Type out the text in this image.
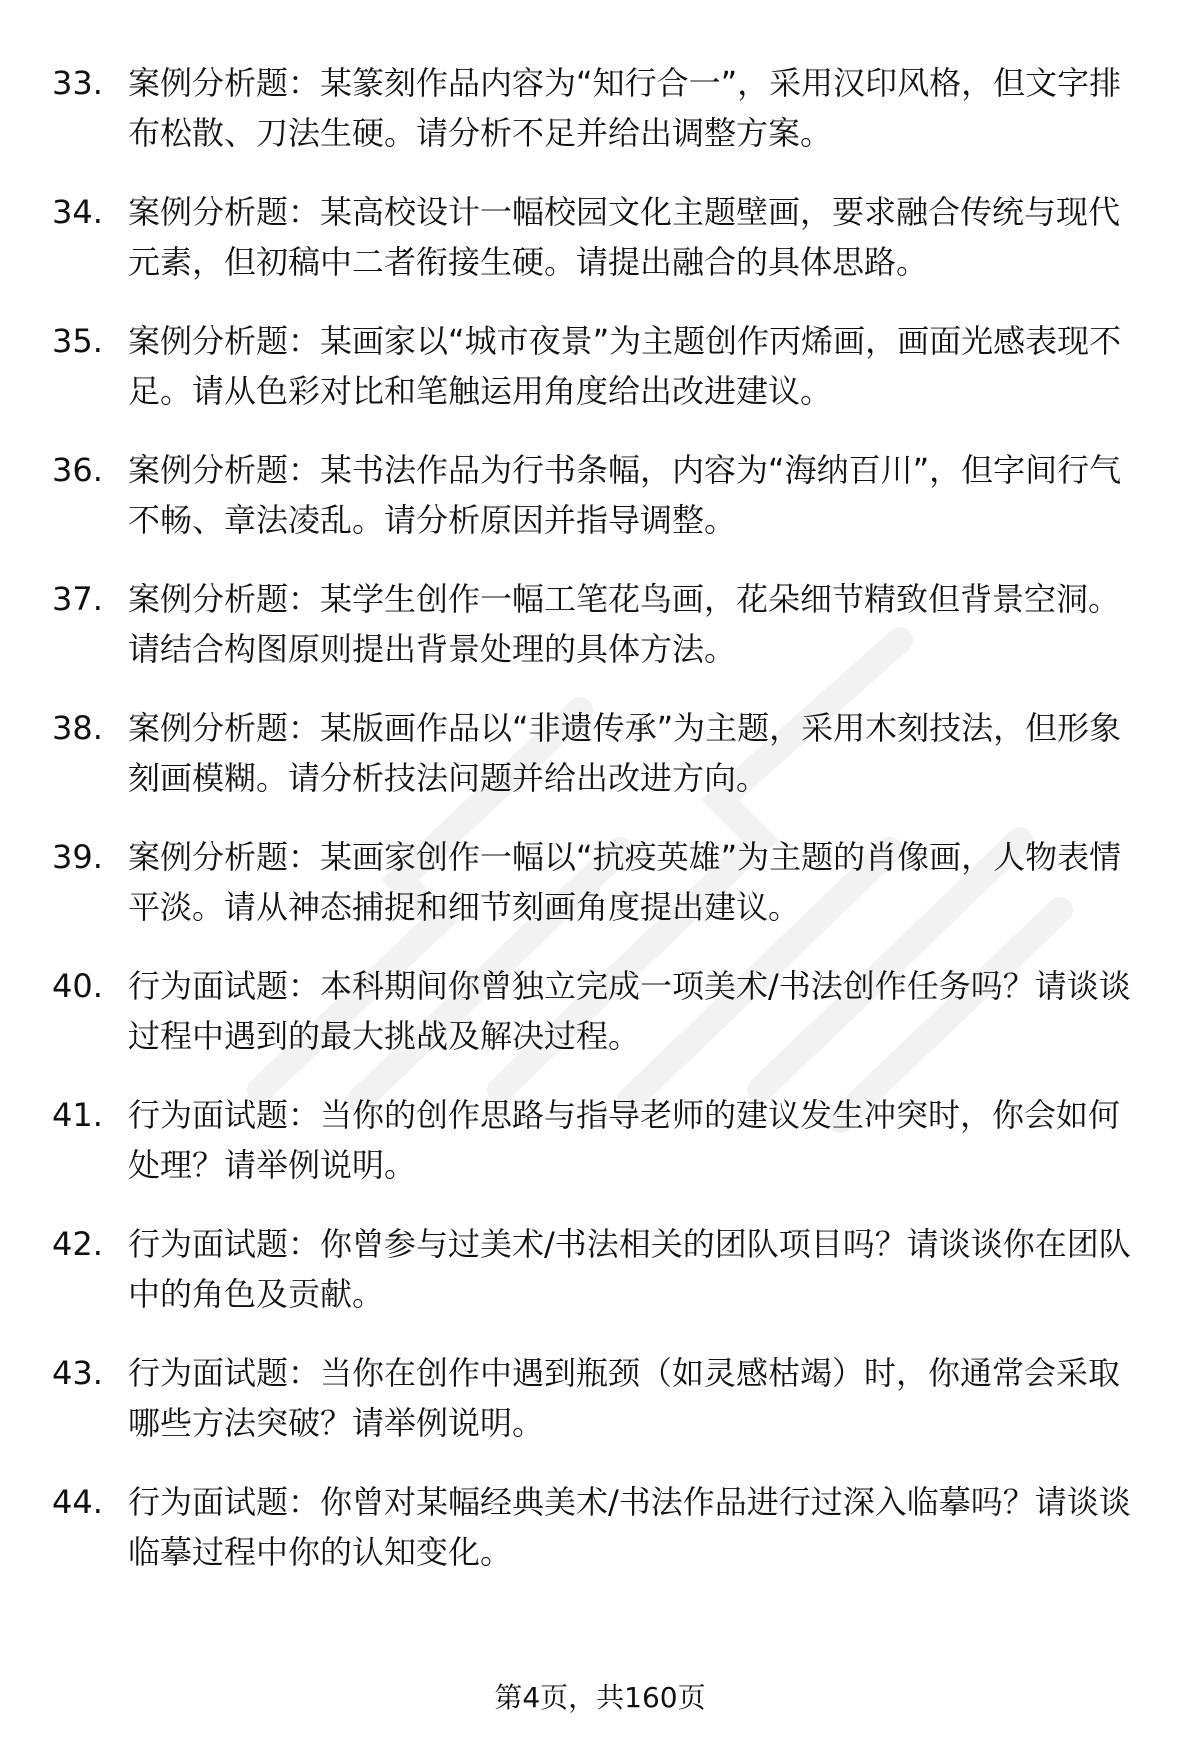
33. 案例分析题：某篆刻作品内容为“知行合一”，采用汉印风格，但文字排布松散、刀法生硬。请分析不足并给出调整方案。
34. 案例分析题：某高校设计一幅校园文化主题壁画，要求融合传统与现代元素，但初稿中二者衔接生硬。请提出融合的具体思路。
35. 案例分析题：某画家以“城市夜景”为主题创作丙烯画，画面光感表现不足。请从色彩对比和笔触运用角度给出改进建议。
36. 案例分析题：某书法作品为行书条幅，内容为“海纳百川”，但字间行气不畅、章法凌乱。请分析原因并指导调整。
37. 案例分析题：某学生创作一幅工笔花鸟画，花朵细节精致但背景空洞。请结合构图原则提出背景处理的具体方法。
38. 案例分析题：某版画作品以“非遗传承”为主题，采用木刻技法，但形象刻画模糊。请分析技法问题并给出改进方向。
39. 案例分析题：某画家创作一幅以“抗疫英雄”为主题的肖像画，人物表情平淡。请从神态捕捉和细节刻画角度提出建议。
40. 行为面试题：本科期间你曾独立完成一项美术/书法创作任务吗？请谈谈过程中遇到的最大挑战及解决过程。
41. 行为面试题：当你的创作思路与指导老师的建议发生冲突时，你会如何处理？请举例说明。
42. 行为面试题：你曾参与过美术/书法相关的团队项目吗？请谈谈你在团队中的角色及贡献。
43. 行为面试题：当你在创作中遇到瓶颈（如灵感枯竭）时，你通常会采取哪些方法突破？请举例说明。
44. 行为面试题：你曾对某幅经典美术/书法作品进行过深入临摹吗？请谈谈临摹过程中你的认知变化。
第4页，共160页
